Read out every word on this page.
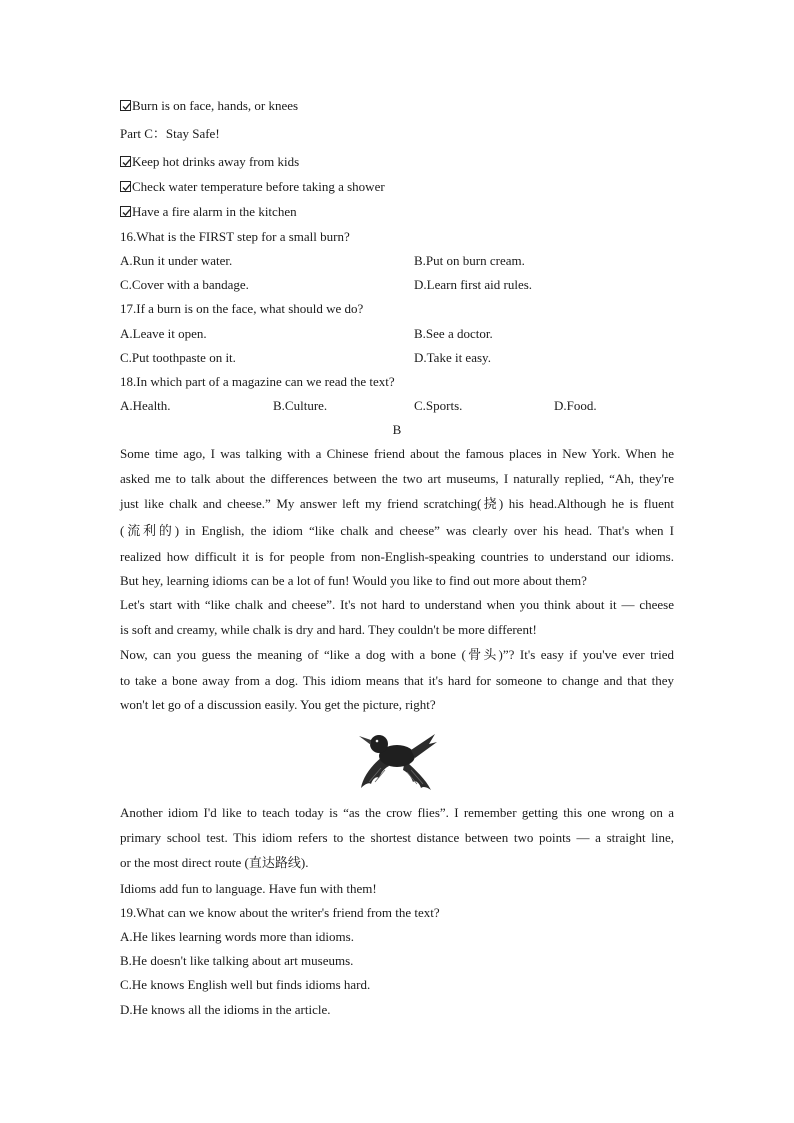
Burn is on face, hands, or knees
Part C：Stay Safe!
Keep hot drinks away from kids
Check water temperature before taking a shower
Have a fire alarm in the kitchen
16.What is the FIRST step for a small burn?
A.Run it under water.	B.Put on burn cream.
C.Cover with a bandage.	D.Learn first aid rules.
17.If a burn is on the face, what should we do?
A.Leave it open.	B.See a doctor.
C.Put toothpaste on it.	D.Take it easy.
18.In which part of a magazine can we read the text?
A.Health.	B.Culture.	C.Sports.	D.Food.
B
Some time ago, I was talking with a Chinese friend about the famous places in New York. When he
asked me to talk about the differences between the two art museums, I naturally replied, “Ah, they're
just like chalk and cheese.” My answer left my friend scratching(挠) his head.Although he is fluent
(流利的) in English, the idiom “like chalk and cheese” was clearly over his head. That's when I
realized how difficult it is for people from non-English-speaking countries to understand our idioms.
But hey, learning idioms can be a lot of fun! Would you like to find out more about them?
Let's start with “like chalk and cheese”. It's not hard to understand when you think about it — cheese
is soft and creamy, while chalk is dry and hard. They couldn't be more different!
Now, can you guess the meaning of “like a dog with a bone (骨头)”? It's easy if you've ever tried
to take a bone away from a dog. This idiom means that it's hard for someone to change and that they
won't let go of a discussion easily. You get the picture, right?
Another idiom I'd like to teach today is “as the crow flies”. I remember getting this one wrong on a
primary school test. This idiom refers to the shortest distance between two points — a straight line,
or the most direct route (直达路线).
Idioms add fun to language. Have fun with them!
19.What can we know about the writer's friend from the text?
A.He likes learning words more than idioms.
B.He doesn't like talking about art museums.
C.He knows English well but finds idioms hard.
D.He knows all the idioms in the article.
